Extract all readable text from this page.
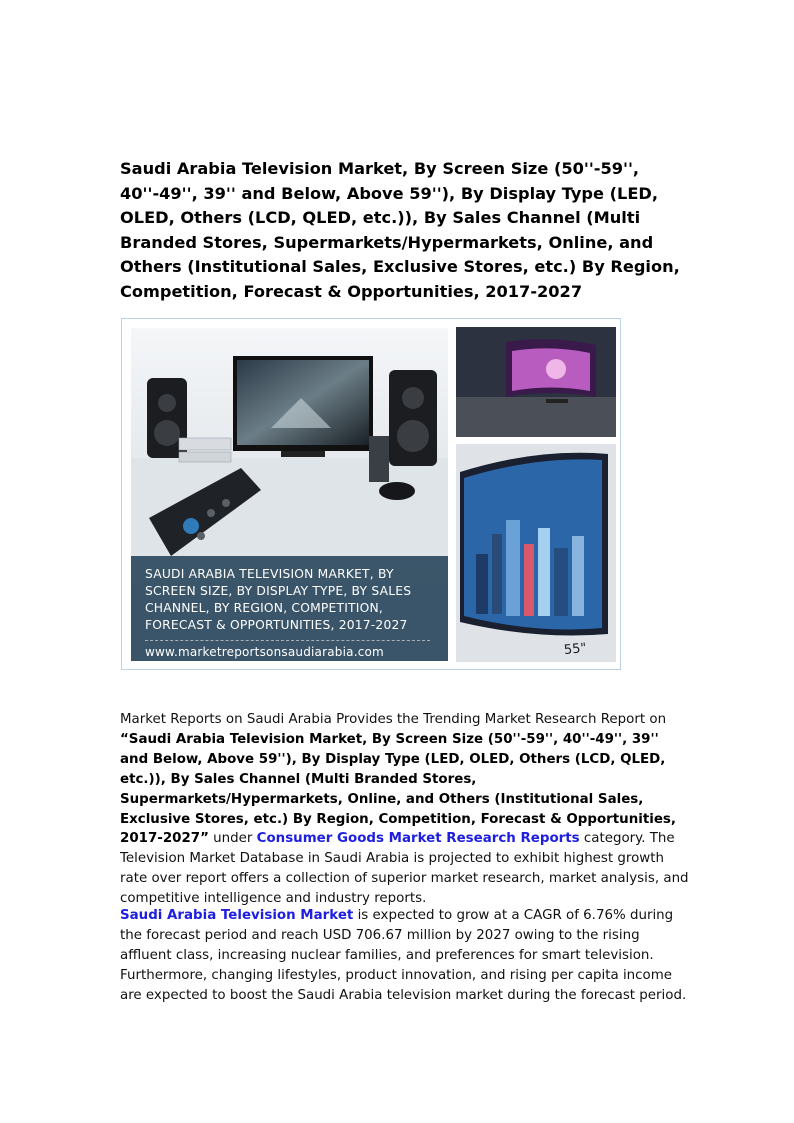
Saudi Arabia Television Market, By Screen Size (50''-59'', 40''-49'', 39'' and Below, Above 59''), By Display Type (LED, OLED, Others (LCD, QLED, etc.)), By Sales Channel (Multi Branded Stores, Supermarkets/Hypermarkets, Online, and Others (Institutional Sales, Exclusive Stores, etc.) By Region, Competition, Forecast & Opportunities, 2017-2027
SAUDI ARABIA TELEVISION MARKET, BY SCREEN SIZE, BY DISPLAY TYPE, BY SALES CHANNEL, BY REGION, COMPETITION, FORECAST & OPPORTUNITIES, 2017-2027
www.marketreportsonsaudiarabia.com	55"

Market Reports on Saudi Arabia Provides the Trending Market Research Report on “Saudi Arabia Television Market, By Screen Size (50''-59'', 40''-49'', 39'' and Below, Above 59''), By Display Type (LED, OLED, Others (LCD, QLED, etc.)), By Sales Channel (Multi Branded Stores, Supermarkets/Hypermarkets, Online, and Others (Institutional Sales, Exclusive Stores, etc.) By Region, Competition, Forecast & Opportunities, 2017-2027” under Consumer Goods Market Research Reports category. The Television Market Database in Saudi Arabia is projected to exhibit highest growth rate over report offers a collection of superior market research, market analysis, and competitive intelligence and industry reports.

Saudi Arabia Television Market is expected to grow at a CAGR of 6.76% during the forecast period and reach USD 706.67 million by 2027 owing to the rising affluent class, increasing nuclear families, and preferences for smart television. Furthermore, changing lifestyles, product innovation, and rising per capita income are expected to boost the Saudi Arabia television market during the forecast period.
